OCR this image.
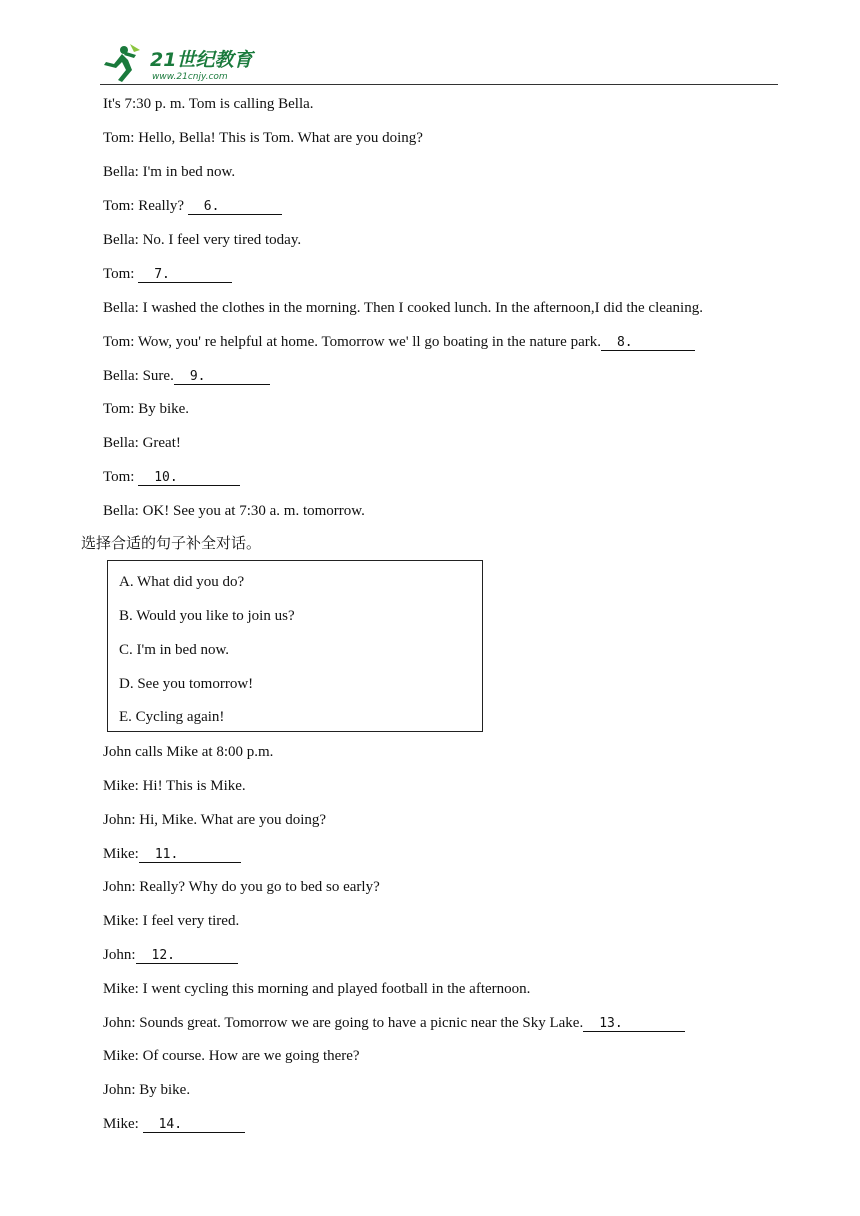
21世纪教育
www.21cnjy.com
It's 7:30 p. m. Tom is calling Bella.
Tom: Hello, Bella! This is Tom. What are you doing?
Bella: I'm in bed now.
Tom: Really? 6.
Bella: No. I feel very tired today.
Tom: 7.
Bella: I washed the clothes in the morning. Then I cooked lunch. In the afternoon,I did the cleaning.
Tom: Wow, you' re helpful at home. Tomorrow we' ll go boating in the nature park. 8.
Bella: Sure. 9.
Tom: By bike.
Bella: Great!
Tom: 10.
Bella: OK! See you at 7:30 a. m. tomorrow.
选择合适的句子补全对话。
A. What did you do?
B. Would you like to join us?
C. I'm in bed now.
D. See you tomorrow!
E. Cycling again!
John calls Mike at 8:00 p.m.
Mike: Hi! This is Mike.
John: Hi, Mike. What are you doing?
Mike: 11.
John: Really? Why do you go to bed so early?
Mike: I feel very tired.
John: 12.
Mike: I went cycling this morning and played football in the afternoon.
John: Sounds great. Tomorrow we are going to have a picnic near the Sky Lake. 13.
Mike: Of course. How are we going there?
John: By bike.
Mike: 14.
